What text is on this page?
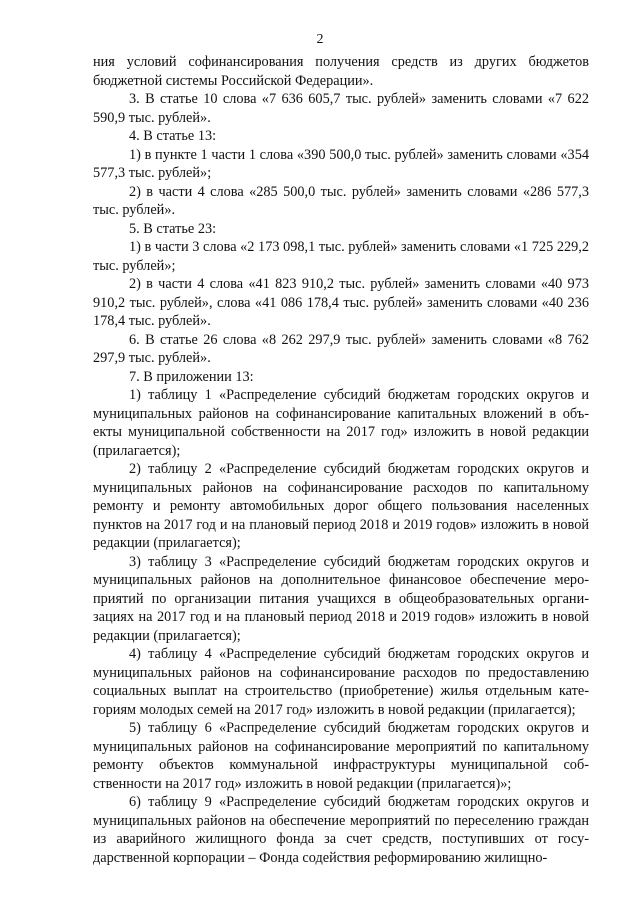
2

ния условий софинансирования получения средств из других бюджетов бюджетной системы Российской Федерации».

3. В статье 10 слова «7 636 605,7 тыс. рублей» заменить словами «7 622 590,9 тыс. рублей».

4. В статье 13:

1) в пункте 1 части 1 слова «390 500,0 тыс. рублей» заменить словами «354 577,3 тыс. рублей»;

2) в части 4 слова «285 500,0 тыс. рублей» заменить словами «286 577,3 тыс. рублей».

5. В статье 23:

1) в части 3 слова «2 173 098,1 тыс. рублей» заменить словами «1 725 229,2 тыс. рублей»;

2) в части 4 слова «41 823 910,2 тыс. рублей» заменить словами «40 973 910,2 тыс. рублей», слова «41 086 178,4 тыс. рублей» заменить словами «40 236 178,4 тыс. рублей».

6. В статье 26 слова «8 262 297,9 тыс. рублей» заменить словами «8 762 297,9 тыс. рублей».

7. В приложении 13:

1) таблицу 1 «Распределение субсидий бюджетам городских округов и муниципальных районов на софинансирование капитальных вложений в объекты муниципальной собственности на 2017 год» изложить в новой редакции (прилагается);

2) таблицу 2 «Распределение субсидий бюджетам городских округов и муниципальных районов на софинансирование расходов по капитальному ремонту и ремонту автомобильных дорог общего пользования населенных пунктов на 2017 год и на плановый период 2018 и 2019 годов» изложить в новой редакции (прилагается);

3) таблицу 3 «Распределение субсидий бюджетам городских округов и муниципальных районов на дополнительное финансовое обеспечение мероприятий по организации питания учащихся в общеобразовательных организациях на 2017 год и на плановый период 2018 и 2019 годов» изложить в новой редакции (прилагается);

4) таблицу 4 «Распределение субсидий бюджетам городских округов и муниципальных районов на софинансирование расходов по предоставлению социальных выплат на строительство (приобретение) жилья отдельным категориям молодых семей на 2017 год» изложить в новой редакции (прилагается);

5) таблицу 6 «Распределение субсидий бюджетам городских округов и муниципальных районов на софинансирование мероприятий по капитальному ремонту объектов коммунальной инфраструктуры муниципальной собственности на 2017 год» изложить в новой редакции (прилагается)»;

6) таблицу 9 «Распределение субсидий бюджетам городских округов и муниципальных районов на обеспечение мероприятий по переселению граждан из аварийного жилищного фонда за счет средств, поступивших от государственной корпорации – Фонда содействия реформированию жилищно-
